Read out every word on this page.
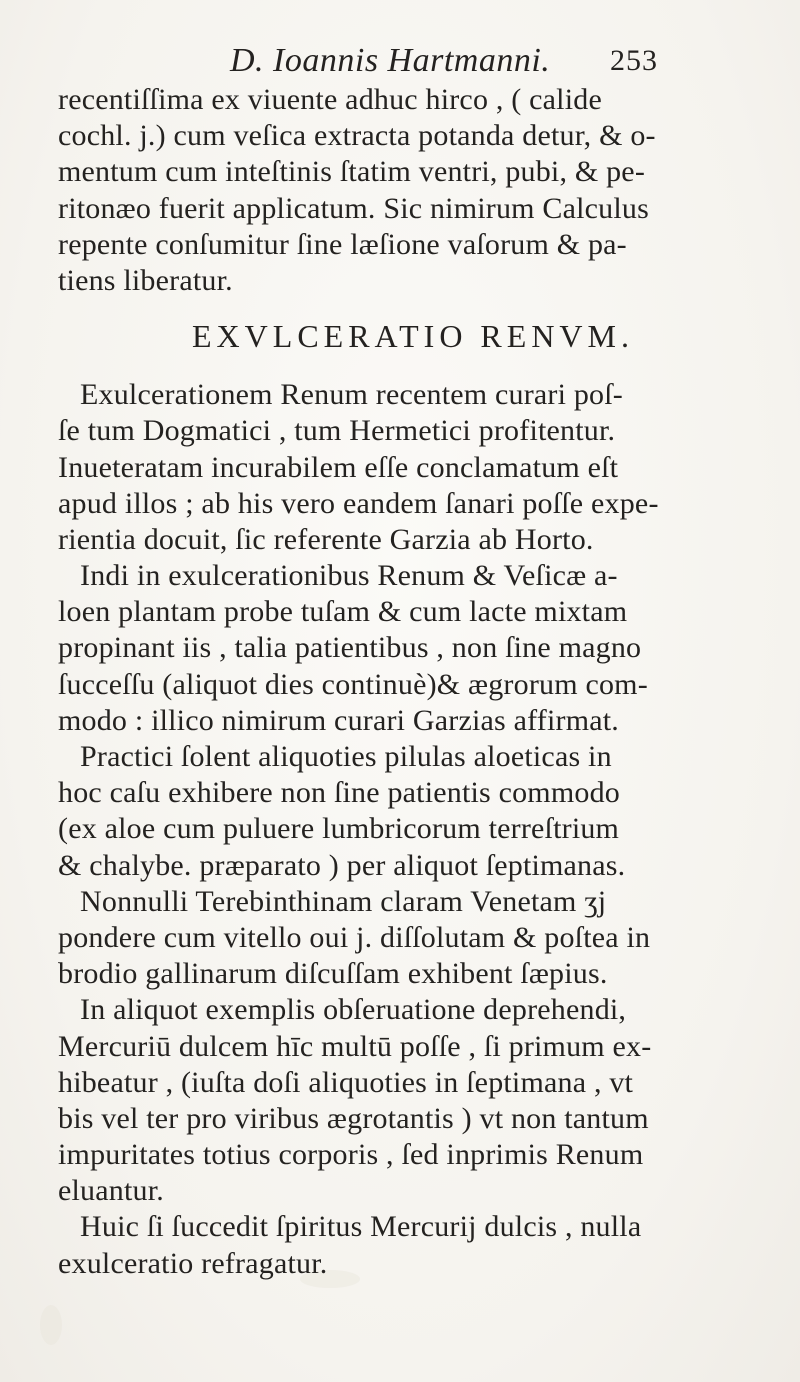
D. Ioannis Hartmanni. 253
recentiſſima ex viuente adhuc hirco , ( calide
cochl. j.) cum veſica extracta potanda detur, & o-
mentum cum inteſtinis ſtatim ventri, pubi, & pe-
ritonæo fuerit applicatum. Sic nimirum Calculus
repente conſumitur ſine læſione vaſorum & pa-
tiens liberatur.
EXVLCERATIO RENVM.
Exulcerationem Renum recentem curari poſ-
ſe tum Dogmatici , tum Hermetici profitentur.
Inueteratam incurabilem eſſe conclamatum eſt
apud illos ; ab his vero eandem ſanari poſſe expe-
rientia docuit, ſic referente Garzia ab Horto.
Indi in exulcerationibus Renum & Veſicæ a-
loen plantam probe tuſam & cum lacte mixtam
propinant iis , talia patientibus , non ſine magno
ſucceſſu (aliquot dies continuè)& ægrorum com-
modo : illico nimirum curari Garzias affirmat.
Practici ſolent aliquoties pilulas aloeticas in
hoc caſu exhibere non ſine patientis commodo
(ex aloe cum puluere lumbricorum terreſtrium
& chalybe. præparato ) per aliquot ſeptimanas.
Nonnulli Terebinthinam claram Venetam ʒj
pondere cum vitello oui j. diſſolutam & poſtea in
brodio gallinarum diſcuſſam exhibent ſæpius.
In aliquot exemplis obſeruatione deprehendi,
Mercuriū dulcem hīc multū poſſe , ſi primum ex-
hibeatur , (iuſta doſi aliquoties in ſeptimana , vt
bis vel ter pro viribus ægrotantis ) vt non tantum
impuritates totius corporis , ſed inprimis Renum
eluantur.
Huic ſi ſuccedit ſpiritus Mercurij dulcis , nulla
exulceratio refragatur.
